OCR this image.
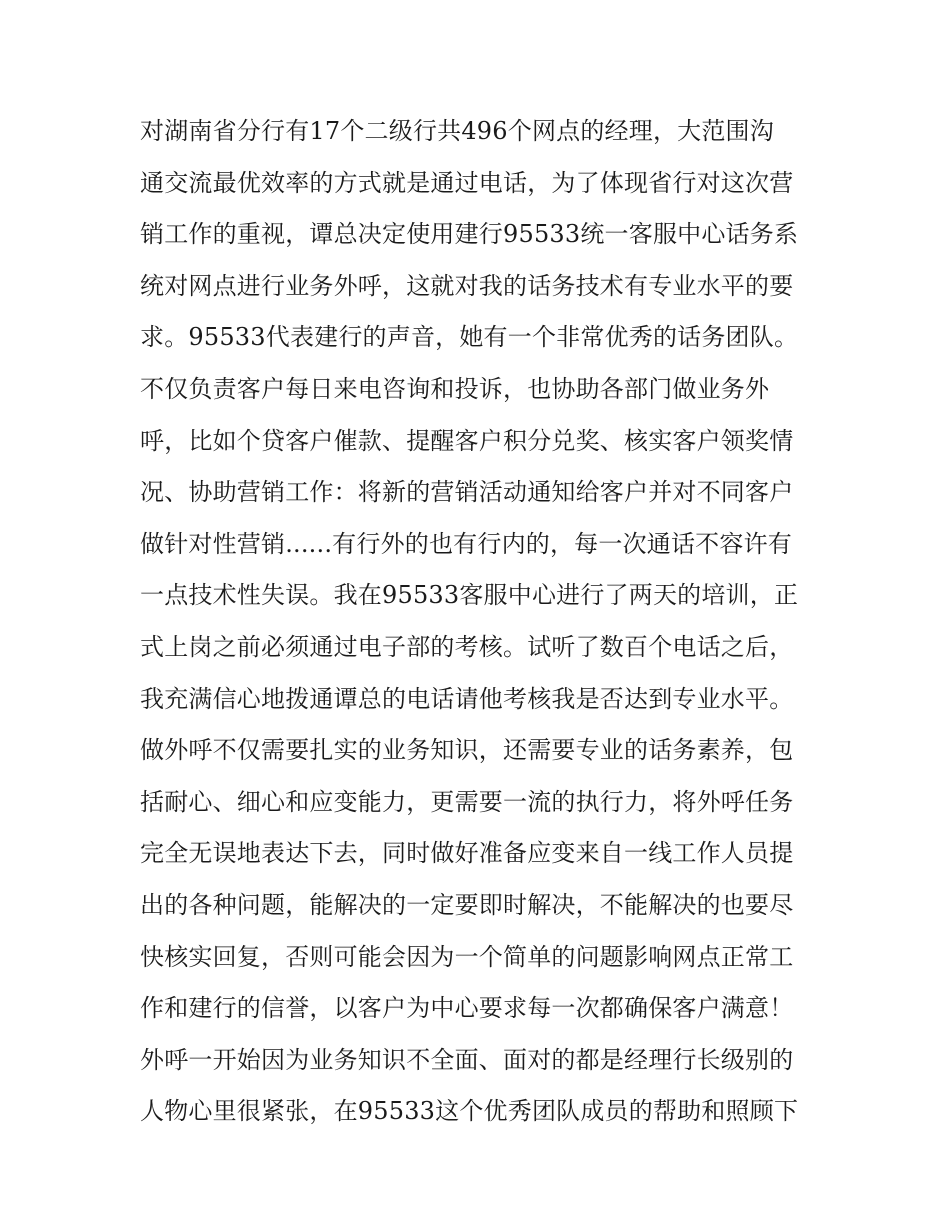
对湖南省分行有17个二级行共496个网点的经理，大范围沟
通交流最优效率的方式就是通过电话，为了体现省行对这次营
销工作的重视，谭总决定使用建行95533统一客服中心话务系
统对网点进行业务外呼，这就对我的话务技术有专业水平的要
求。95533代表建行的声音，她有一个非常优秀的话务团队。
不仅负责客户每日来电咨询和投诉，也协助各部门做业务外
呼，比如个贷客户催款、提醒客户积分兑奖、核实客户领奖情
况、协助营销工作：将新的营销活动通知给客户并对不同客户
做针对性营销......有行外的也有行内的，每一次通话不容许有
一点技术性失误。我在95533客服中心进行了两天的培训，正
式上岗之前必须通过电子部的考核。试听了数百个电话之后，
我充满信心地拨通谭总的电话请他考核我是否达到专业水平。
做外呼不仅需要扎实的业务知识，还需要专业的话务素养，包
括耐心、细心和应变能力，更需要一流的执行力，将外呼任务
完全无误地表达下去，同时做好准备应变来自一线工作人员提
出的各种问题，能解决的一定要即时解决，不能解决的也要尽
快核实回复，否则可能会因为一个简单的问题影响网点正常工
作和建行的信誉，以客户为中心要求每一次都确保客户满意！
外呼一开始因为业务知识不全面、面对的都是经理行长级别的
人物心里很紧张，在95533这个优秀团队成员的帮助和照顾下
